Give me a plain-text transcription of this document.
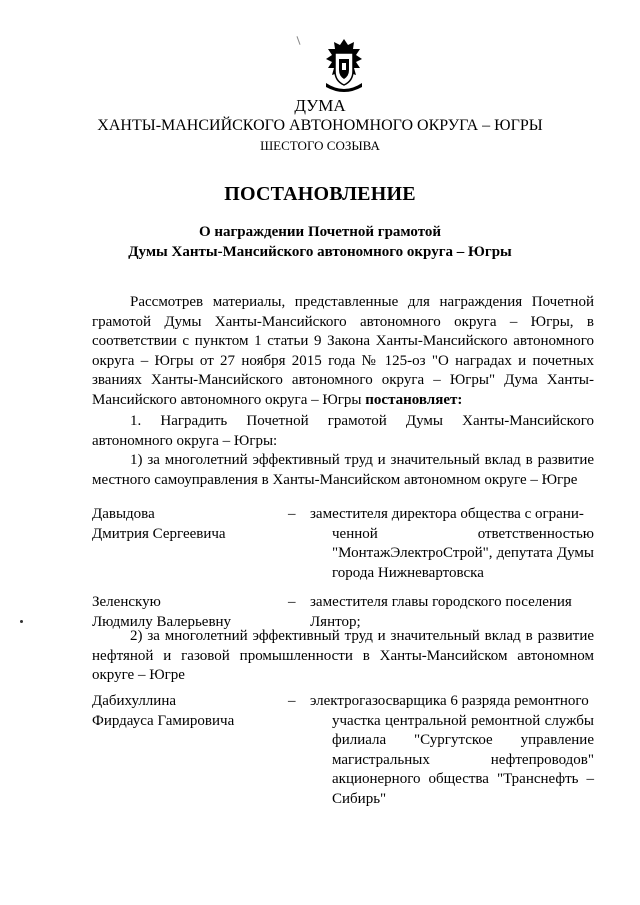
ДУМА
ХАНТЫ-МАНСИЙСКОГО АВТОНОМНОГО ОКРУГА – ЮГРЫ
ШЕСТОГО СОЗЫВА
ПОСТАНОВЛЕНИЕ
О награждении Почетной грамотой
Думы Ханты-Мансийского автономного округа – Югры
Рассмотрев материалы, представленные для награждения Почетной грамотой Думы Ханты-Мансийского автономного округа – Югры, в соответствии с пунктом 1 статьи 9 Закона Ханты-Мансийского автономного округа – Югры от 27 ноября 2015 года № 125-оз "О наградах и почетных званиях Ханты-Мансийского автономного округа – Югры" Дума Ханты-Мансийского автономного округа – Югры постановляет:
1. Наградить Почетной грамотой Думы Ханты-Мансийского автономного округа – Югры:
1) за многолетний эффективный труд и значительный вклад в развитие местного самоуправления в Ханты-Мансийском автономном округе – Югре
Давыдова
Дмитрия Сергеевича
– заместителя директора общества с ограни-
ченной ответственностью "МонтажЭлектроСтрой", депутата Думы города Нижневартовска
Зеленскую
Людмилу Валерьевну
– заместителя главы городского поселения
Лянтор;
2) за многолетний эффективный труд и значительный вклад в развитие нефтяной и газовой промышленности в Ханты-Мансийском автономном округе – Югре
Дабихуллина
Фирдауса Гамировича
– электрогазосварщика 6 разряда ремонтного
участка центральной ремонтной службы филиала "Сургутское управление магистральных нефтепроводов" акционерного общества "Транснефть – Сибирь"
